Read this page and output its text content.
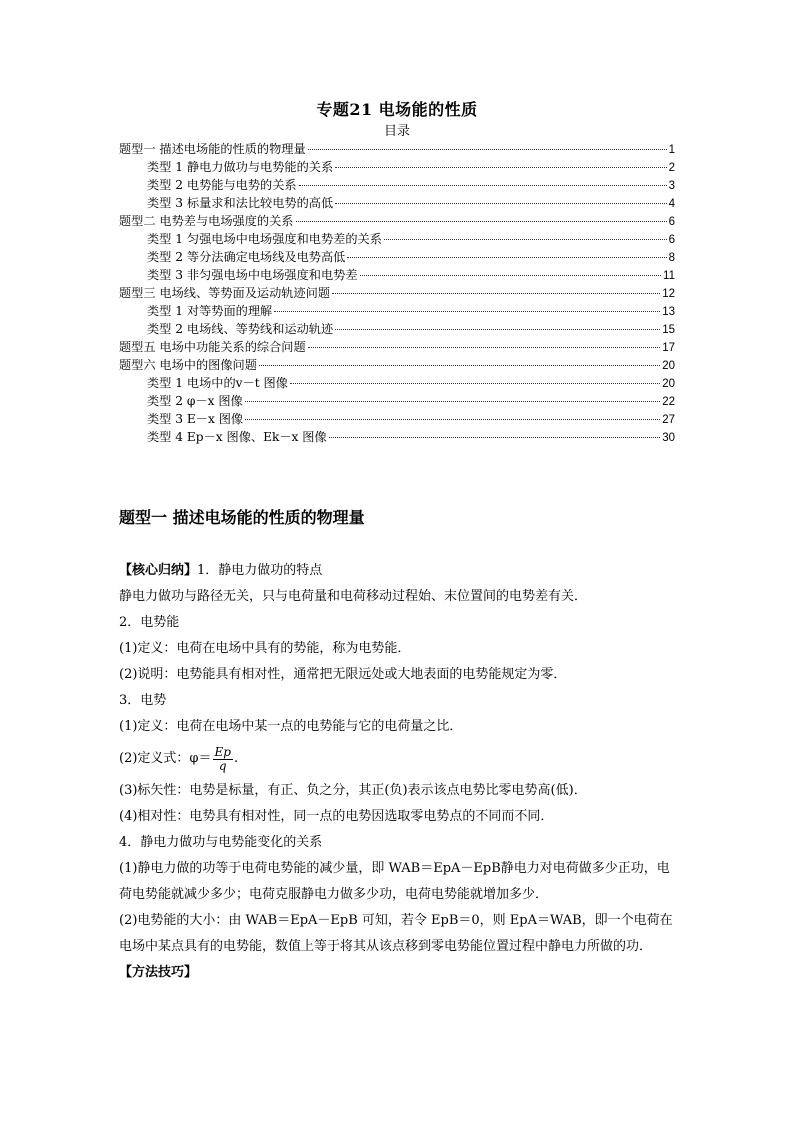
专题21 电场能的性质
目录
题型一 描述电场能的性质的物理量	1
类型 1 静电力做功与电势能的关系	2
类型 2 电势能与电势的关系	3
类型 3 标量求和法比较电势的高低	4
题型二 电势差与电场强度的关系	6
类型 1 匀强电场中电场强度和电势差的关系	6
类型 2 等分法确定电场线及电势高低	8
类型 3 非匀强电场中电场强度和电势差	11
题型三 电场线、等势面及运动轨迹问题	12
类型 1 对等势面的理解	13
类型 2 电场线、等势线和运动轨迹	15
题型五 电场中功能关系的综合问题	17
题型六 电场中的图像问题	20
类型 1 电场中的v－t 图像	20
类型 2 φ－x 图像	22
类型 3 E－x 图像	27
类型 4 Ep－x 图像、Ek－x 图像	30
题型一 描述电场能的性质的物理量

【核心归纳】1．静电力做功的特点

静电力做功与路径无关，只与电荷量和电荷移动过程始、末位置间的电势差有关．

2．电势能

(1)定义：电荷在电场中具有的势能，称为电势能．

(2)说明：电势能具有相对性，通常把无限远处或大地表面的电势能规定为零．

3．电势

(1)定义：电荷在电场中某一点的电势能与它的电荷量之比．

(2)定义式：$\varphi= \frac{Ep}{q}$ .

(3)标矢性：电势是标量，有正、负之分，其正(负)表示该点电势比零电势高(低)．

(4)相对性：电势具有相对性，同一点的电势因选取零电势点的不同而不同．

4．静电力做功与电势能变化的关系

(1)静电力做的功等于电荷电势能的减少量，即 WAB＝EpA－EpB静电力对电荷做多少正功，电荷电势能就减少多少；电荷克服静电力做多少功，电荷电势能就增加多少．

(2)电势能的大小：由 WAB＝EpA－EpB 可知，若令 EpB＝0，则 EpA＝WAB，即一个电荷在电场中某点具有的电势能，数值上等于将其从该点移到零电势能位置过程中静电力所做的功．

【方法技巧】
